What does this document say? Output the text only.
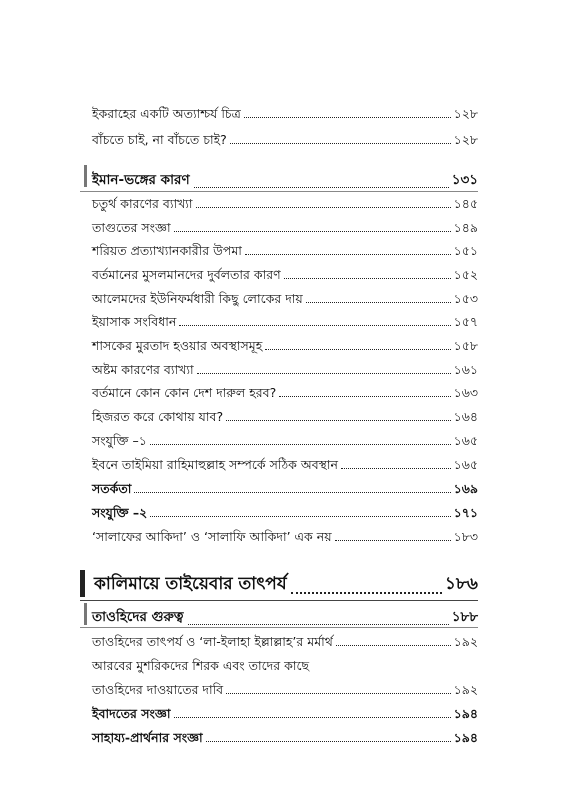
ইকরাহের একটি অত্যাশ্চর্য চিত্র	১২৮
বাঁচতে চাই, না বাঁচতে চাই?	১২৮
ইমান-ভঙ্গের কারণ	১৩১
চতুর্থ কারণের ব্যাখ্যা	১৪৫
তাগুতের সংজ্ঞা	১৪৯
শরিয়ত প্রত্যাখ্যানকারীর উপমা	১৫১
বর্তমানের মুসলমানদের দুর্বলতার কারণ	১৫২
আলেমদের ইউনিফর্মধারী কিছু লোকের দায়	১৫৩
ইয়াসাক সংবিধান	১৫৭
শাসকের মুরতাদ হওয়ার অবস্থাসমূহ	১৫৮
অষ্টম কারণের ব্যাখ্যা	১৬১
বর্তমানে কোন কোন দেশ দারুল হরব?	১৬৩
হিজরত করে কোথায় যাব?	১৬৪
সংযুক্তি –১	১৬৫
ইবনে তাইমিয়া রাহিমাহুল্লাহ সম্পর্কে সঠিক অবস্থান	১৬৫
সতর্কতা	১৬৯
সংযুক্তি –২	১৭১
‘সালাফের আকিদা’ ও ‘সালাফি আকিদা’ এক নয়	১৮৩
কালিমায়ে তাইয়েবার তাৎপর্য	১৮৬
তাওহিদের গুরুত্ব	১৮৮
তাওহিদের তাৎপর্য ও ‘লা-ইলাহা ইল্লাল্লাহ’র মর্মার্থ	১৯২
আরবের মুশরিকদের শিরক এবং তাদের কাছে
তাওহিদের দাওয়াতের দাবি	১৯২
ইবাদতের সংজ্ঞা	১৯৪
সাহায্য-প্রার্থনার সংজ্ঞা	১৯৪
